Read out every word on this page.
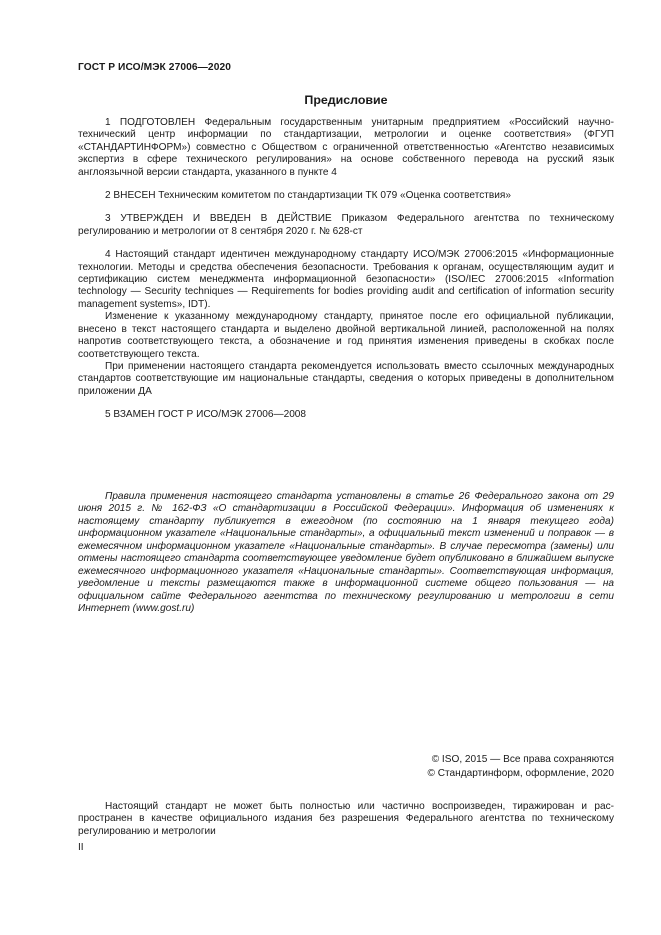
ГОСТ Р ИСО/МЭК 27006—2020
Предисловие

1 ПОДГОТОВЛЕН Федеральным государственным унитарным предприятием «Российский научно-технический центр информации по стандартизации, метрологии и оценке соответствия» (ФГУП «СТАНДАРТИНФОРМ») совместно с Обществом с ограниченной ответственностью «Агентство независимых экспертиз в сфере технического регулирования» на основе собственного перевода на русский язык англоязычной версии стандарта, указанного в пункте 4

2 ВНЕСЕН Техническим комитетом по стандартизации ТК 079 «Оценка соответствия»

3 УТВЕРЖДЕН И ВВЕДЕН В ДЕЙСТВИЕ Приказом Федерального агентства по техническому регулированию и метрологии от 8 сентября 2020 г. № 628-ст

4 Настоящий стандарт идентичен международному стандарту ИСО/МЭК 27006:2015 «Информационные технологии. Методы и средства обеспечения безопасности. Требования к органам, осуществляющим аудит и сертификацию систем менеджмента информационной безопасности» (ISO/IEC 27006:2015 «Information technology — Security techniques — Requirements for bodies providing audit and certification of information security management systems», IDT).

Изменение к указанному международному стандарту, принятое после его официальной публикации, внесено в текст настоящего стандарта и выделено двойной вертикальной линией, расположенной на полях напротив соответствующего текста, а обозначение и год принятия изменения приведены в скобках после соответствующего текста.

При применении настоящего стандарта рекомендуется использовать вместо ссылочных международных стандартов соответствующие им национальные стандарты, сведения о которых приведены в дополнительном приложении ДА

5 ВЗАМЕН ГОСТ Р ИСО/МЭК 27006—2008

Правила применения настоящего стандарта установлены в статье 26 Федерального закона от 29 июня 2015 г. № 162-ФЗ «О стандартизации в Российской Федерации». Информация об изменениях к настоящему стандарту публикуется в ежегодном (по состоянию на 1 января текущего года) информационном указателе «Национальные стандарты», а официальный текст изменений и поправок — в ежемесячном информационном указателе «Национальные стандарты». В случае пересмотра (замены) или отмены настоящего стандарта соответствующее уведомление будет опубликовано в ближайшем выпуске ежемесячного информационного указателя «Национальные стандарты». Соответствующая информация, уведомление и тексты размещаются также в информационной системе общего пользования — на официальном сайте Федерального агентства по техническому регулированию и метрологии в сети Интернет (www.gost.ru)

© ISO, 2015 — Все права сохраняются
© Стандартинформ, оформление, 2020

Настоящий стандарт не может быть полностью или частично воспроизведен, тиражирован и распространен в качестве официального издания без разрешения Федерального агентства по техническому регулированию и метрологии

II
